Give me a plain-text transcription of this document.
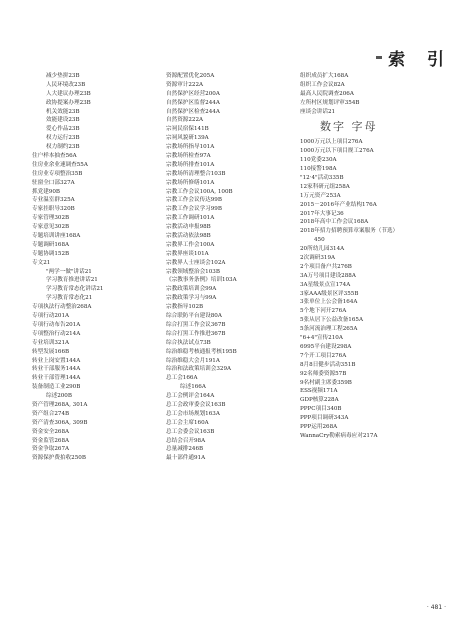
索 引
减少垫拼23B
人民环境改23B
人大建议办理23B
政协提案办理23B
机关效能23B
效能建设23B
爱心作品23B
权力运行23B
权力制约23B
住户样本抽查56A
住房业余业速调查55A
住房业专项整治35B
驻窗全口部327A
抓党建90B
专业温室群325A
专家挂职导320B
专家管理302B
专家意见302B
专题培训讲座168A
专题调研168A
专题协调152B
专文21
"两学一做"讲话21
学习教育推进讲话21
学习教育常态化讲话21
学习教育常态化21
专项执法行动整治268A
专项行动201A
专项行动布告201A
专项整治行动214A
专业培训321A
转型发展166B
转业上岗安置144A
转业干部服务144A
转业干部管理144A
装备制造工业290B
综述200B
资产管理268A, 301A
资产组合274B
资产清查306A, 309B
资金安全268A
资金监管268A
资金争取267A
资源保护费拍收250B
资源配置优化205A
资源审计222A
自然保护区经营200A
自然保护区监督244A
自然保护区检查244A
自然资源222A
宗祠民宿保141B
宗祠风貌研139A
宗教场所指导101A
宗教场所检查97A
宗教场所排查101A
宗教场所清理整合103B
宗教场所修缮101A
宗教工作会议100A, 100B
宗教工作会议传达99B
宗教工作会议学习99B
宗教工作调研101A
宗教活动申报98B
宗教活动依法98B
宗教界工作会100A
宗教界座谈101A
宗教界人士座谈会102A
宗教领域整治会103B
《宗教事务条例》培训103A
宗教政策培训会99A
宗教政策学习与99A
宗教指导102B
综合联防平台建设80A
综合打黑工作会议367B
综合打黑工作推进367B
综合执法试点73B
综治维稳考核通报考核195B
综治维稳大会月191A
综治和法政策培训会329A
总工会166A
综述166A
总工会例评会164A
总工会政审委会议163B
总工会市场规划163A
总工会主席160A
总工会委会议163B
总结会召开98A
总量减排246B
最十部件通91A
组织成员扩大168A
组织工作会议82A
最高人民院调查206A
左所村区规划评审354B
座谈会讲话21
数字 字母
1000万元以上项目276A
1000万元以下项目规工276A
110党委230A
110接警198A
"12·4"活动335B
12家科研元组258A
1万元资产253A
2015－2016年产业结构176A
2017年大事记36
2018年高中工作会议168A
2018年招力招聘预算章案服务（节选）
450
20所幼儿园314A
2次调研319A
2个项目备户共276B
3A万号项目建设288A
3A星级景点宣174A
3家AAA级景区评355B
3张单位上公会备164A
5个地下河开276A
5张从居下公益改备165A
5条河流治理工程265A
"6+4"宣传210A
6995平台建设298A
7个开工项目276A
8月8日健步活动351B
92名师委资源57B
9名村副主席委359B
ESS视频171A
GDP核算228A
PPPC项目340B
PPP项目调研343A
PPP运用268A
WannaCry勒索病毒应对217A
· 481 ·
